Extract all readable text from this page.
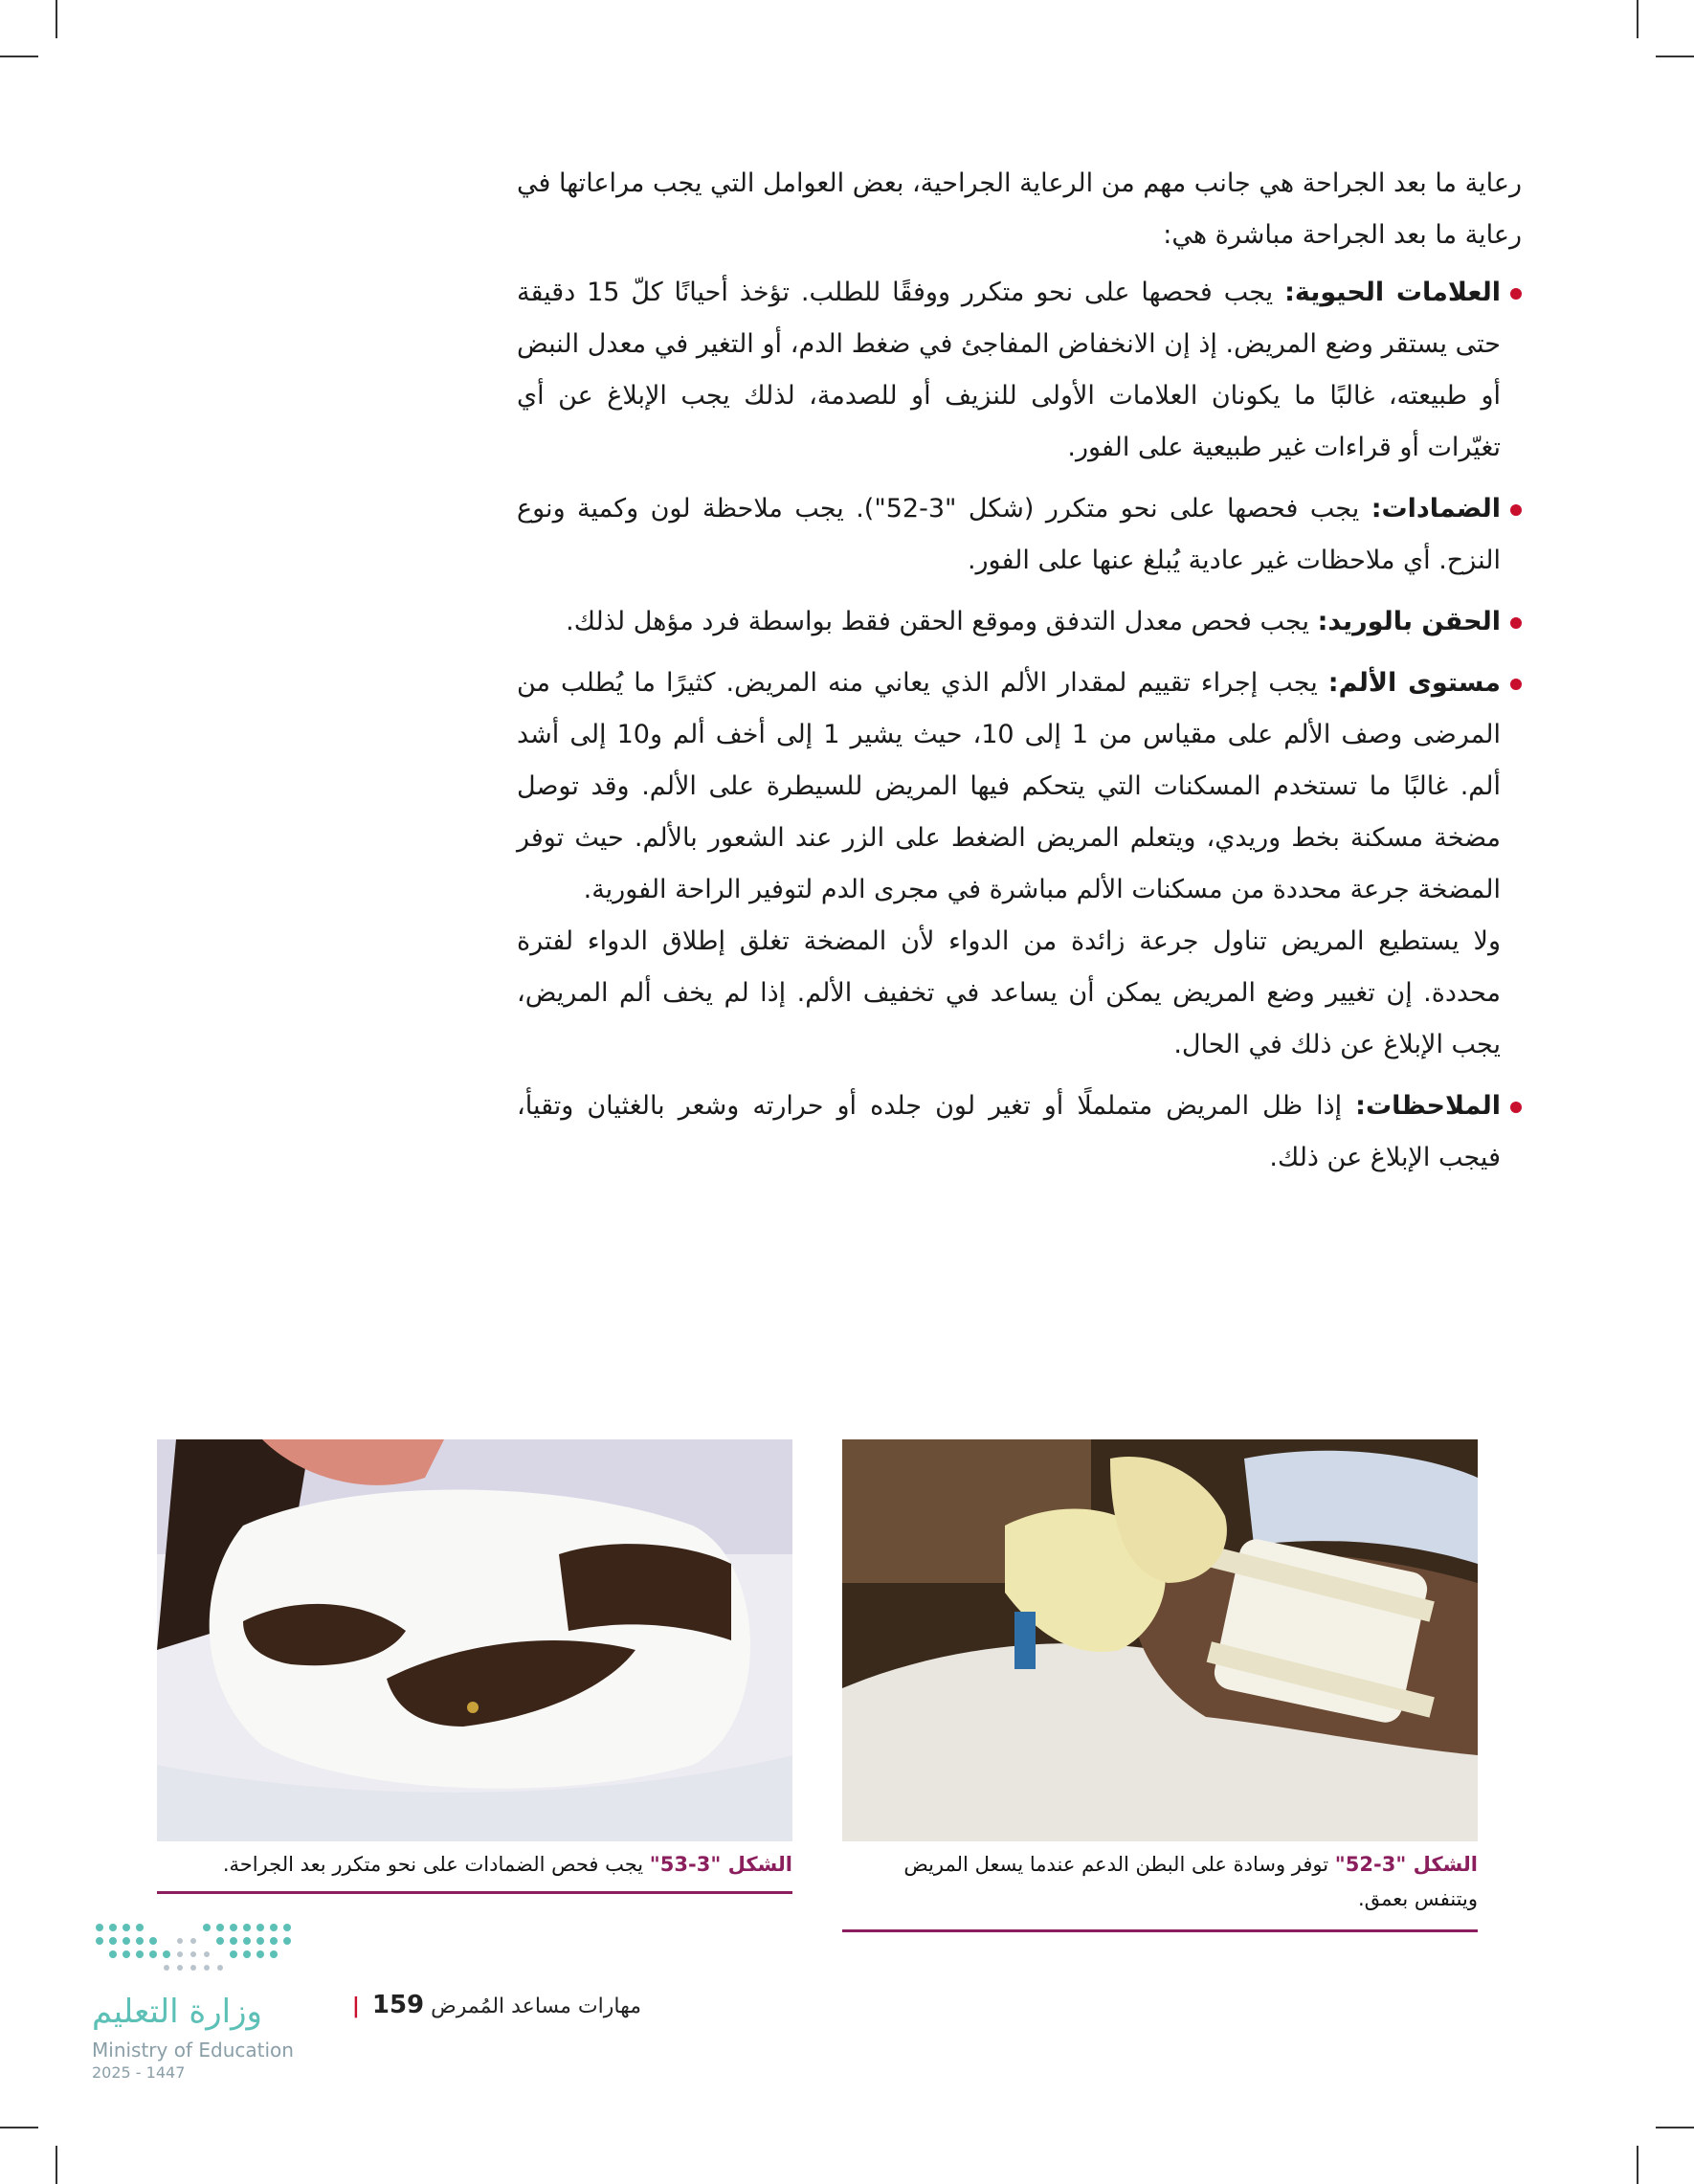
رعاية ما بعد الجراحة هي جانب مهم من الرعاية الجراحية، بعض العوامل التي يجب مراعاتها في رعاية ما بعد الجراحة مباشرة هي:

العلامات الحيوية: يجب فحصها على نحو متكرر ووفقًا للطلب. تؤخذ أحيانًا كلّ 15 دقيقة حتى يستقر وضع المريض. إذ إن الانخفاض المفاجئ في ضغط الدم، أو التغير في معدل النبض أو طبيعته، غالبًا ما يكونان العلامات الأولى للنزيف أو للصدمة، لذلك يجب الإبلاغ عن أي تغيّرات أو قراءات غير طبيعية على الفور.
الضمادات: يجب فحصها على نحو متكرر (شكل "3-52"). يجب ملاحظة لون وكمية ونوع النزح. أي ملاحظات غير عادية يُبلغ عنها على الفور.
الحقن بالوريد: يجب فحص معدل التدفق وموقع الحقن فقط بواسطة فرد مؤهل لذلك.
مستوى الألم: يجب إجراء تقييم لمقدار الألم الذي يعاني منه المريض. كثيرًا ما يُطلب من المرضى وصف الألم على مقياس من 1 إلى 10، حيث يشير 1 إلى أخف ألم و10 إلى أشد ألم. غالبًا ما تستخدم المسكنات التي يتحكم فيها المريض للسيطرة على الألم. وقد توصل مضخة مسكنة بخط وريدي، ويتعلم المريض الضغط على الزر عند الشعور بالألم. حيث توفر المضخة جرعة محددة من مسكنات الألم مباشرة في مجرى الدم لتوفير الراحة الفورية.
ولا يستطيع المريض تناول جرعة زائدة من الدواء لأن المضخة تغلق إطلاق الدواء لفترة محددة. إن تغيير وضع المريض يمكن أن يساعد في تخفيف الألم. إذا لم يخف ألم المريض، يجب الإبلاغ عن ذلك في الحال.
الملاحظات: إذا ظل المريض متململًا أو تغير لون جلده أو حرارته وشعر بالغثيان وتقيأ، فيجب الإبلاغ عن ذلك.
الشكل "3-52" توفر وسادة على البطن الدعم عندما يسعل المريض ويتنفس بعمق.
الشكل "3-53" يجب فحص الضمادات على نحو متكرر بعد الجراحة.
مهارات مساعد المُمرض 159 |
وزارة التعليم
Ministry of Education
2025 - 1447
